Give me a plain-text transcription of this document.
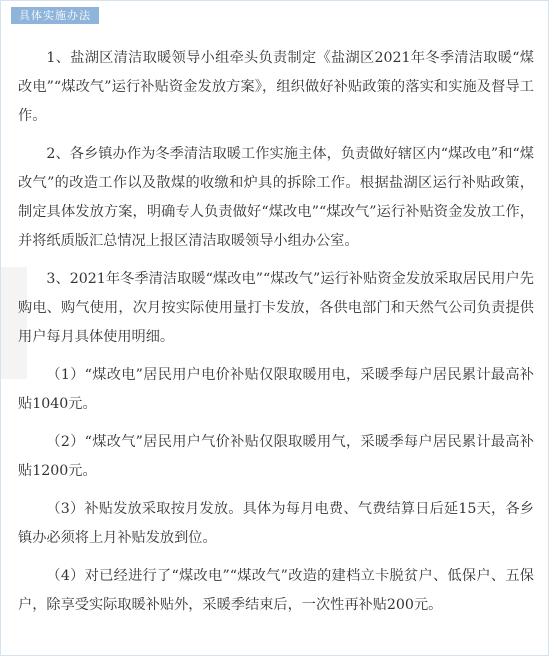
具体实施办法

1、盐湖区清洁取暖领导小组牵头负责制定《盐湖区2021年冬季清洁取暖“煤改电”“煤改气”运行补贴资金发放方案》，组织做好补贴政策的落实和实施及督导工作。

2、各乡镇办作为冬季清洁取暖工作实施主体，负责做好辖区内“煤改电”和“煤改气”的改造工作以及散煤的收缴和炉具的拆除工作。根据盐湖区运行补贴政策，制定具体发放方案，明确专人负责做好“煤改电”“煤改气”运行补贴资金发放工作，并将纸质版汇总情况上报区清洁取暖领导小组办公室。

3、2021年冬季清洁取暖“煤改电”“煤改气”运行补贴资金发放采取居民用户先购电、购气使用，次月按实际使用量打卡发放，各供电部门和天然气公司负责提供用户每月具体使用明细。

（1）“煤改电”居民用户电价补贴仅限取暖用电，采暖季每户居民累计最高补贴1040元。

（2）“煤改气”居民用户气价补贴仅限取暖用气，采暖季每户居民累计最高补贴1200元。

（3）补贴发放采取按月发放。具体为每月电费、气费结算日后延15天，各乡镇办必须将上月补贴发放到位。

（4）对已经进行了“煤改电”“煤改气”改造的建档立卡脱贫户、低保户、五保户，除享受实际取暖补贴外，采暖季结束后，一次性再补贴200元。
